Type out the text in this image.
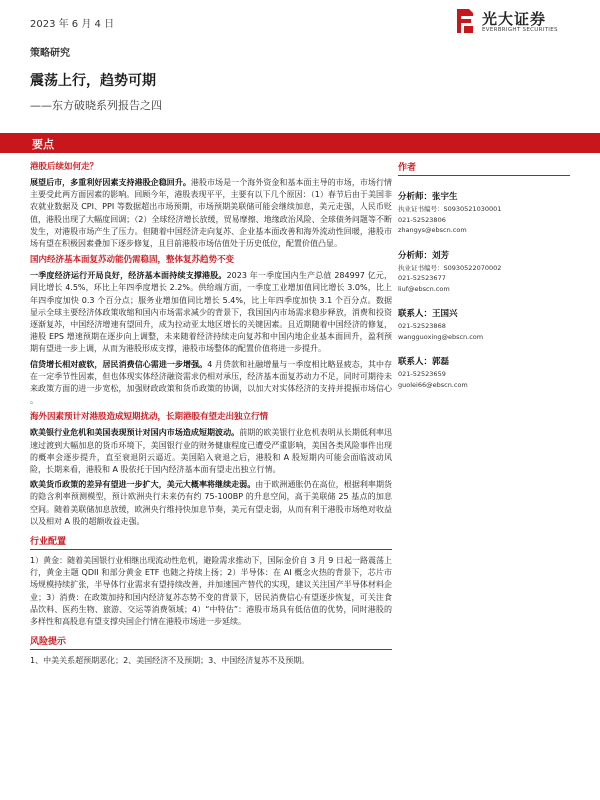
2023 年 6 月 4 日	光大证券
EVERBRIGHT SECURITIES
策略研究
震荡上行，趋势可期
——东方破晓系列报告之四
要点
港股后续如何走？

展望后市，多重利好因素支持港股企稳回升。港股市场是一个海外资金和基本面主导的市场，市场行情主要受此两方面因素的影响。回顾今年，港股表现平平，主要有以下几个原因：（1）春节后由于美国非农就业数据及 CPI、PPI 等数据超出市场预期，市场预期美联储可能会继续加息，美元走强，人民币贬值，港股出现了大幅度回调；（2）全球经济增长放缓，贸易摩擦、地缘政治风险、全球债务问题等不断发生，对港股市场产生了压力。但随着中国经济走向复苏、企业基本面改善和海外流动性回暖，港股市场有望在积极因素叠加下逐步修复，且目前港股市场估值处于历史低位，配置价值凸显。

国内经济基本面复苏动能仍需稳固，整体复苏趋势不变

一季度经济运行开局良好，经济基本面持续支撑港股。2023 年一季度国内生产总值 284997 亿元，同比增长 4.5%，环比上年四季度增长 2.2%。供给端方面，一季度工业增加值同比增长 3.0%，比上年四季度加快 0.3 个百分点；服务业增加值同比增长 5.4%，比上年四季度加快 3.1 个百分点。数据显示全球主要经济体政策收缩和国内市场需求减少的背景下，我国国内市场需求稳步释放，消费和投资逐渐复苏，中国经济增速有望回升，成为拉动亚太地区增长的关键因素。且近期随着中国经济的修复，港股 EPS 增速预期在逐步向上调整，未来随着经济持续走向复苏和中国内地企业基本面回升，盈利预期有望进一步上调，从而为港股形成支撑，港股市场整体的配置价值将进一步提升。

信贷增长相对疲软，居民消费信心需进一步增强。4 月贷款和社融增量与一季度相比略显疲态，其中存在一定季节性因素，但也体现实体经济融资需求仍相对承压，经济基本面复苏动力不足，同时可期待未来政策方面的进一步宽松，加强财政政策和货币政策的协调，以加大对实体经济的支持并提振市场信心 。

海外因素预计对港股造成短期扰动，长期港股有望走出独立行情

欧美银行业危机和美国表现预计对国内市场造成短期波动。前期的欧美银行业危机表明从长期低利率迅速过渡到大幅加息的货币环境下，美国银行业的财务健康程度已遭受严重影响，美国各类风险事件出现的概率会逐步提升，直至衰退阴云逼近。美国陷入衰退之后，港股和 A 股短期内可能会面临波动风险，长期来看，港股和 A 股依托于国内经济基本面有望走出独立行情。

欧美货币政策的差异有望进一步扩大，美元大概率将继续走弱。由于欧洲通胀仍在高位，根据利率期货的隐含利率预测模型，预计欧洲央行未来仍有约 75-100BP 的升息空间，高于美联储 25 基点的加息空间。随着美联储加息放缓，欧洲央行维持快加息节奏，美元有望走弱，从而有利于港股市场绝对收益以及相对 A 股的超额收益走强。

行业配置

1）黄金：随着美国银行业相继出现流动性危机，避险需求推动下，国际金价自 3 月 9 日起一路震荡上行，黄金主题 QDII 和部分黄金 ETF 也随之持续上扬；2）半导体：在 AI 概念火热的背景下，芯片市场规模持续扩张，半导体行业需求有望持续改善，并加速国产替代的实现，建议关注国产半导体材料企业；3）消费：在政策加持和国内经济复苏态势不变的背景下，居民消费信心有望逐步恢复，可关注食品饮料、医药生物、旅游、交运等消费领域；4）“中特估”：港股市场具有低估值的优势，同时港股的多样性和高股息有望支撑央国企行情在港股市场进一步延续。

风险提示

1、中美关系超预期恶化；2、美国经济不及预期；3、中国经济复苏不及预期。

作者
分析师：张宇生
执业证书编号：S0930521030001
021-52523806
zhangys@ebscn.com
分析师：刘芳
执业证书编号：S0930522070002
021-52523677
liuf@ebscn.com
联系人：王国兴
021-52523868
wangguoxing@ebscn.com
联系人：郭磊
021-52523659
guolei66@ebscn.com
